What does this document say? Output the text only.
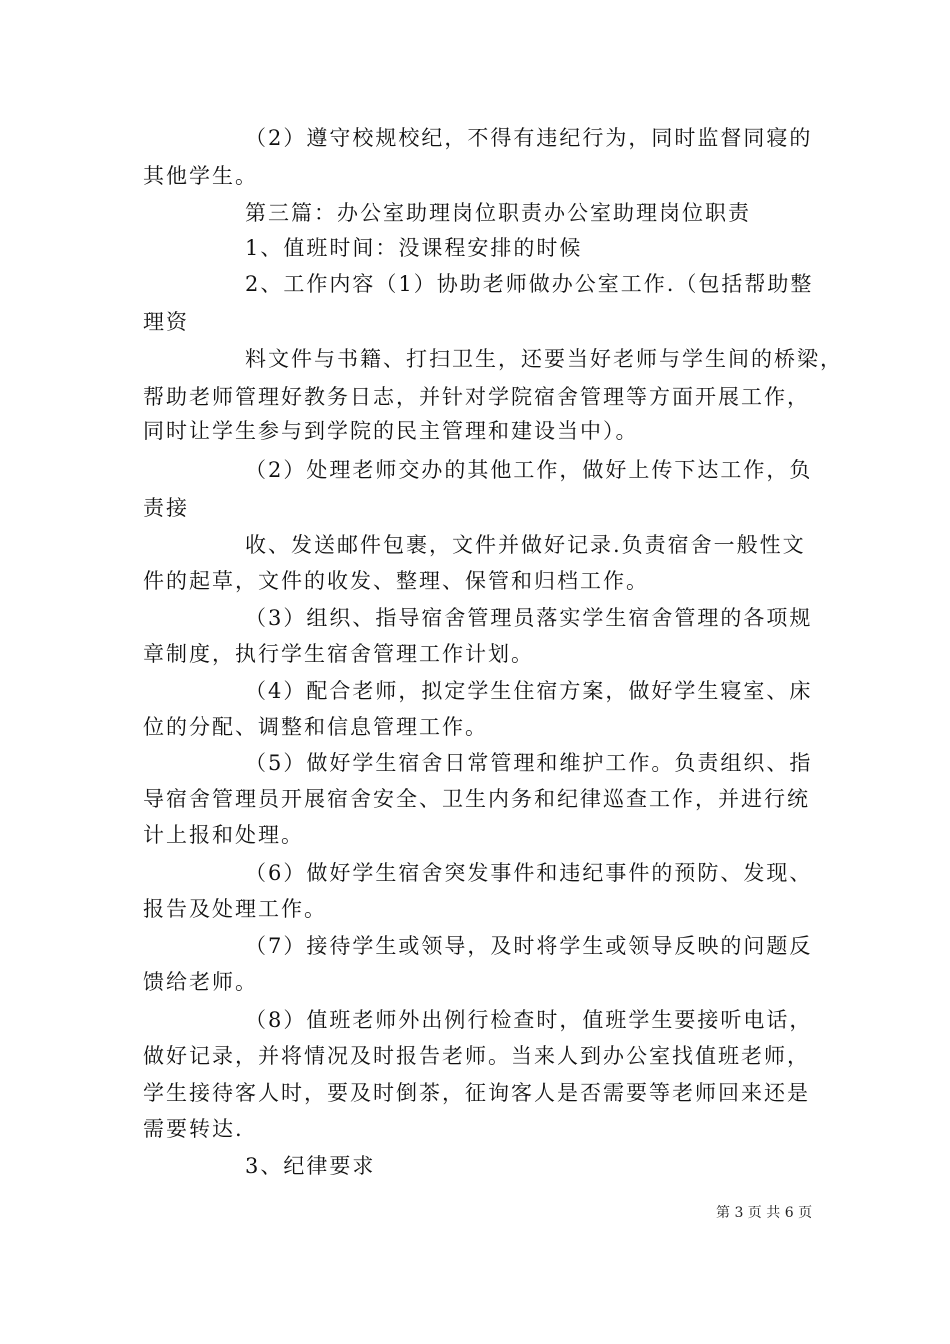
（2）遵守校规校纪，不得有违纪行为，同时监督同寝的
其他学生。
第三篇：办公室助理岗位职责办公室助理岗位职责
1、值班时间：没课程安排的时候
2、工作内容（1）协助老师做办公室工作.（包括帮助整
理资
料文件与书籍、打扫卫生，还要当好老师与学生间的桥梁，
帮助老师管理好教务日志，并针对学院宿舍管理等方面开展工作，
同时让学生参与到学院的民主管理和建设当中）。
（2）处理老师交办的其他工作，做好上传下达工作，负
责接
收、发送邮件包裹，文件并做好记录.负责宿舍一般性文
件的起草，文件的收发、整理、保管和归档工作。
（3）组织、指导宿舍管理员落实学生宿舍管理的各项规
章制度，执行学生宿舍管理工作计划。
（4）配合老师，拟定学生住宿方案，做好学生寝室、床
位的分配、调整和信息管理工作。
（5）做好学生宿舍日常管理和维护工作。负责组织、指
导宿舍管理员开展宿舍安全、卫生内务和纪律巡查工作，并进行统
计上报和处理。
（6）做好学生宿舍突发事件和违纪事件的预防、发现、
报告及处理工作。
（7）接待学生或领导，及时将学生或领导反映的问题反
馈给老师。
（8）值班老师外出例行检查时，值班学生要接听电话，
做好记录，并将情况及时报告老师。当来人到办公室找值班老师，
学生接待客人时，要及时倒茶，征询客人是否需要等老师回来还是
需要转达.
3、纪律要求
第 3 页 共 6 页
